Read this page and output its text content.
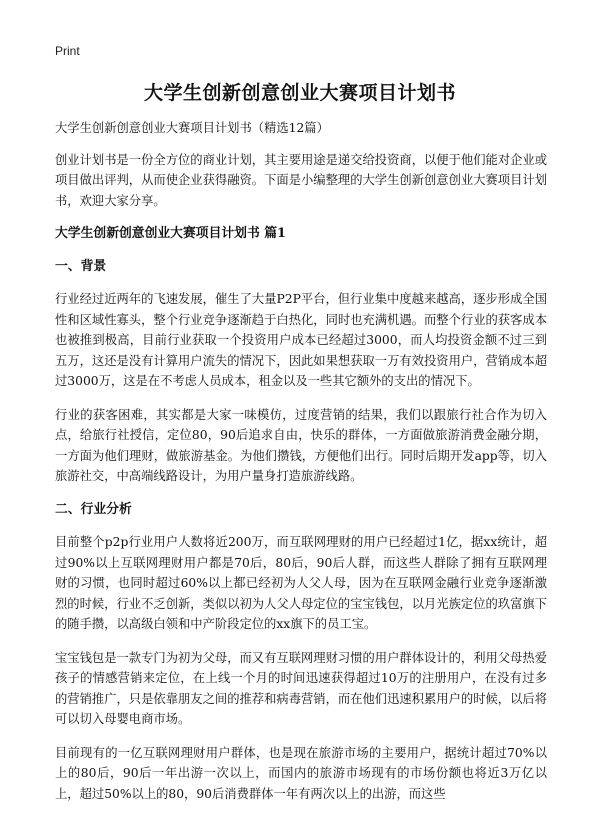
Print
大学生创新创意创业大赛项目计划书

大学生创新创意创业大赛项目计划书（精选12篇）

创业计划书是一份全方位的商业计划，其主要用途是递交给投资商，以便于他们能对企业或项目做出评判，从而使企业获得融资。下面是小编整理的大学生创新创意创业大赛项目计划书，欢迎大家分享。

大学生创新创意创业大赛项目计划书 篇1

一、背景

行业经过近两年的飞速发展，催生了大量P2P平台，但行业集中度越来越高，逐步形成全国性和区域性寡头，整个行业竞争逐渐趋于白热化，同时也充满机遇。而整个行业的获客成本也被推到极高，目前行业获取一个投资用户成本已经超过3000，而人均投资金额不过三到五万，这还是没有计算用户流失的情况下，因此如果想获取一万有效投资用户，营销成本超过3000万，这是在不考虑人员成本，租金以及一些其它额外的支出的情况下。

行业的获客困难，其实都是大家一味模仿，过度营销的结果，我们以跟旅行社合作为切入点，给旅行社授信，定位80，90后追求自由，快乐的群体，一方面做旅游消费金融分期，一方面为他们理财，做旅游基金。为他们攒钱，方便他们出行。同时后期开发app等，切入旅游社交，中高端线路设计，为用户量身打造旅游线路。

二、行业分析

目前整个p2p行业用户人数将近200万，而互联网理财的用户已经超过1亿，据xx统计，超过90%以上互联网理财用户都是70后，80后，90后人群，而这些人群除了拥有互联网理财的习惯，也同时超过60%以上都已经初为人父人母，因为在互联网金融行业竞争逐渐激烈的时候，行业不乏创新，类似以初为人父人母定位的宝宝钱包，以月光族定位的玖富旗下的随手攒，以高级白领和中产阶段定位的xx旗下的员工宝。

宝宝钱包是一款专门为初为父母，而又有互联网理财习惯的用户群体设计的，利用父母热爱孩子的情感营销来定位，在上线一个月的时间迅速获得超过10万的注册用户，在没有过多的营销推广，只是依靠朋友之间的推荐和病毒营销，而在他们迅速积累用户的时候，以后将可以切入母婴电商市场。

目前现有的一亿互联网理财用户群体，也是现在旅游市场的主要用户，据统计超过70%以上的80后，90后一年出游一次以上，而国内的旅游市场现有的市场份额也将近3万亿以上，超过50%以上的80，90后消费群体一年有两次以上的出游，而这些
